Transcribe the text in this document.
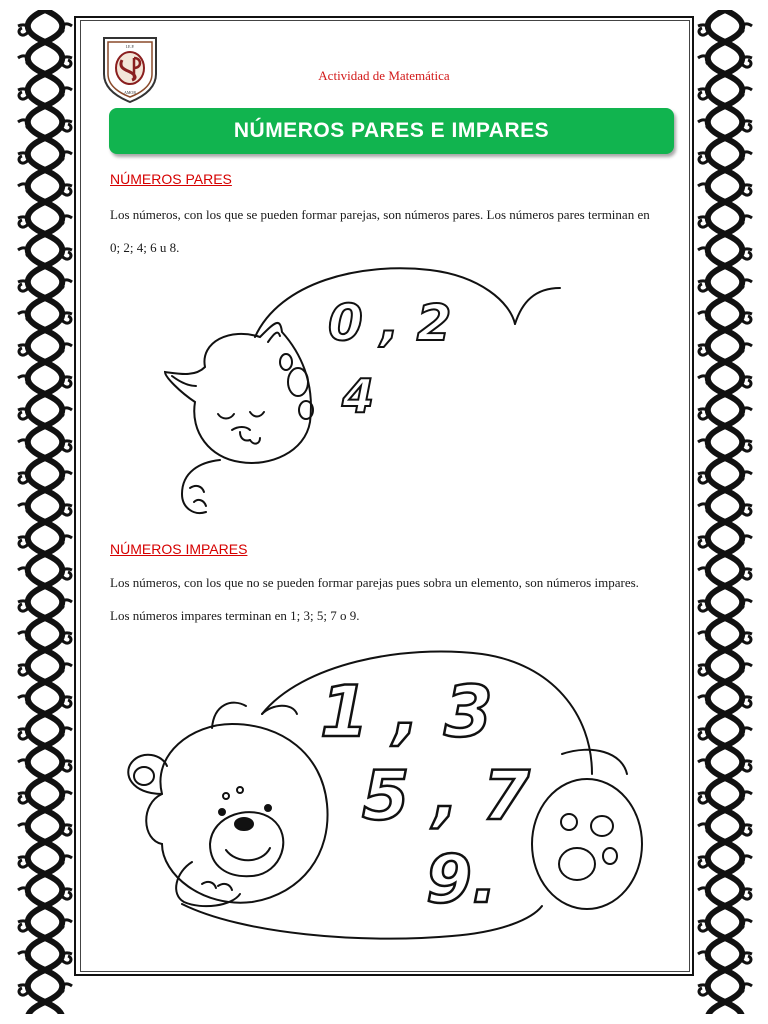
I.E.P.
AMOR
Actividad de Matemática
NÚMEROS PARES E IMPARES
NÚMEROS PARES
Los números, con los que se pueden formar parejas, son números pares. Los números pares terminan en 0; 2; 4; 6 u 8.
0 , 2
4
NÚMEROS IMPARES
Los números, con los que no se pueden formar parejas pues sobra un elemento, son números impares. Los números impares terminan en 1; 3; 5; 7 o 9.
1 , 3
5 , 7
9.
